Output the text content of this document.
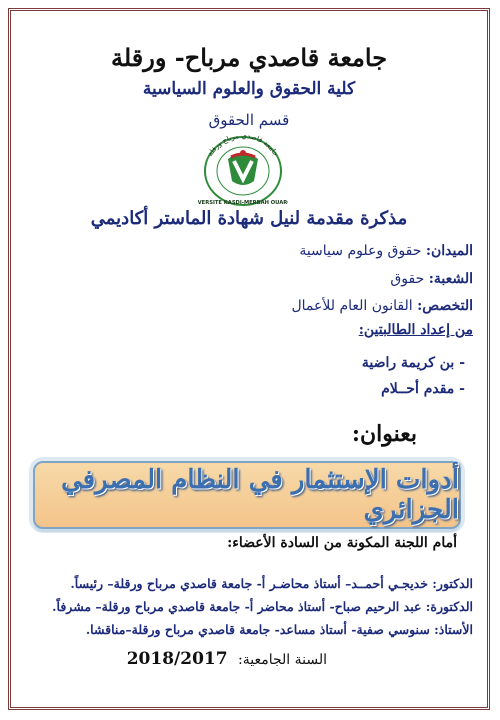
جامعة قاصدي مرباح- ورقلة
كلية الحقوق والعلوم السياسية
قسم الحقوق
جامعة قاصدي مرباح ورقلة
VERSITE KASDI-MERBAH OUAR
مذكرة مقدمة لنيل شهادة الماستر أكاديمي
الميدان: حقوق وعلوم سياسية
الشعبة: حقوق
التخصص: القانون العام للأعمال
من إعداد الطالبتين:
- بن كريمة راضية
- مقدم أحــلام
بعنوان:
أدوات الإستثمار في النظام المصرفي الجزائري
أمام اللجنة المكونة من السادة الأعضاء:
الدكتور: خديجـي أحمــد– أستاذ محاضـر أ- جامعة قاصدي مرباح ورقلة– رئيساً.
الدكتورة: عبد الرحيم صباح- أستاذ محاضر أ- جامعة قاصدي مرباح ورقلة– مشرفاً.
الأستاذ: سنوسي صفية- أستاذ مساعد- جامعة قاصدي مرباح ورقلة–مناقشا.
السنة الجامعية: 2018/2017
